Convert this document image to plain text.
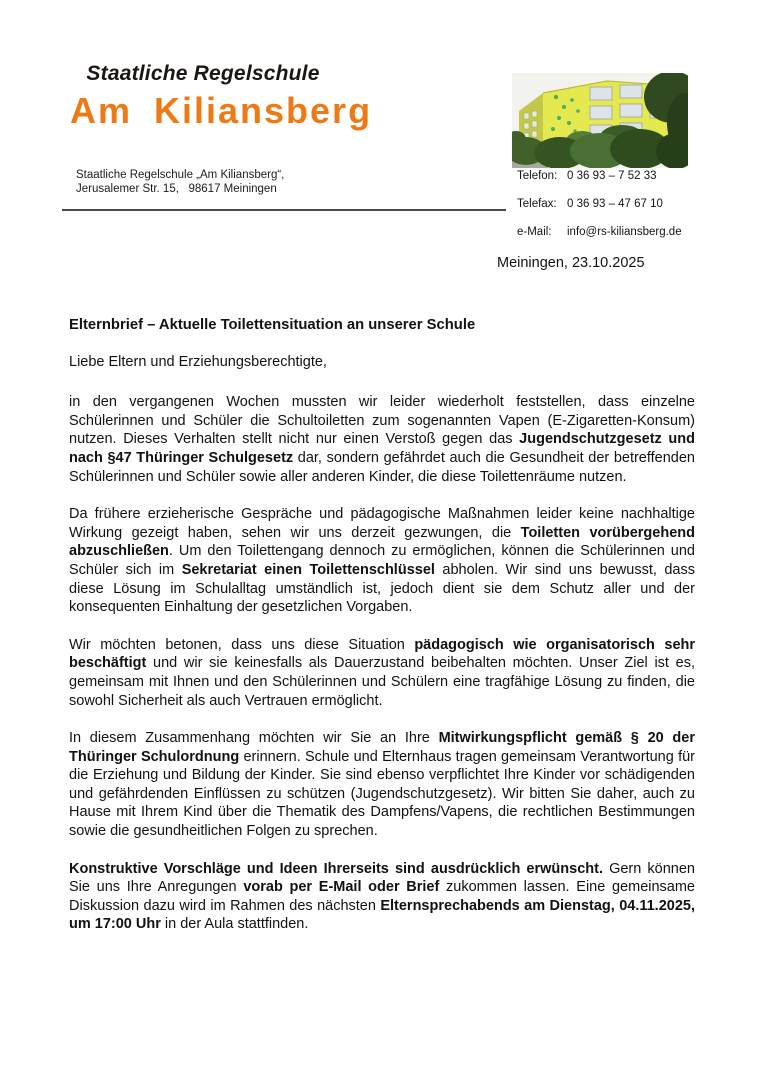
Staatliche Regelschule
Am Kiliansberg
Staatliche Regelschule „Am Kiliansberg“,
Jerusalemer Str. 15,   98617 Meiningen
Telefon: 0 36 93 – 7 52 33
Telefax: 0 36 93 – 47 67 10
e-Mail:	info@rs-kiliansberg.de
Meiningen, 23.10.2025
Elternbrief – Aktuelle Toilettensituation an unserer Schule
Liebe Eltern und Erziehungsberechtigte,

in den vergangenen Wochen mussten wir leider wiederholt feststellen, dass einzelne Schülerinnen und Schüler die Schultoiletten zum sogenannten Vapen (E-Zigaretten-Konsum) nutzen. Dieses Verhalten stellt nicht nur einen Verstoß gegen das Jugendschutzgesetz und nach §47 Thüringer Schulgesetz dar, sondern gefährdet auch die Gesundheit der betreffenden Schülerinnen und Schüler sowie aller anderen Kinder, die diese Toilettenräume nutzen.

Da frühere erzieherische Gespräche und pädagogische Maßnahmen leider keine nachhaltige Wirkung gezeigt haben, sehen wir uns derzeit gezwungen, die Toiletten vorübergehend abzuschließen. Um den Toilettengang dennoch zu ermöglichen, können die Schülerinnen und Schüler sich im Sekretariat einen Toilettenschlüssel abholen. Wir sind uns bewusst, dass diese Lösung im Schulalltag umständlich ist, jedoch dient sie dem Schutz aller und der konsequenten Einhaltung der gesetzlichen Vorgaben.

Wir möchten betonen, dass uns diese Situation pädagogisch wie organisatorisch sehr beschäftigt und wir sie keinesfalls als Dauerzustand beibehalten möchten. Unser Ziel ist es, gemeinsam mit Ihnen und den Schülerinnen und Schülern eine tragfähige Lösung zu finden, die sowohl Sicherheit als auch Vertrauen ermöglicht.

In diesem Zusammenhang möchten wir Sie an Ihre Mitwirkungspflicht gemäß § 20 der Thüringer Schulordnung erinnern. Schule und Elternhaus tragen gemeinsam Verantwortung für die Erziehung und Bildung der Kinder. Sie sind ebenso verpflichtet Ihre Kinder vor schädigenden und gefährdenden Einflüssen zu schützen (Jugendschutzgesetz). Wir bitten Sie daher, auch zu Hause mit Ihrem Kind über die Thematik des Dampfens/Vapens, die rechtlichen Bestimmungen sowie die gesundheitlichen Folgen zu sprechen.

Konstruktive Vorschläge und Ideen Ihrerseits sind ausdrücklich erwünscht. Gern können Sie uns Ihre Anregungen vorab per E-Mail oder Brief zukommen lassen. Eine gemeinsame Diskussion dazu wird im Rahmen des nächsten Elternsprechabends am Dienstag, 04.11.2025, um 17:00 Uhr in der Aula stattfinden.
